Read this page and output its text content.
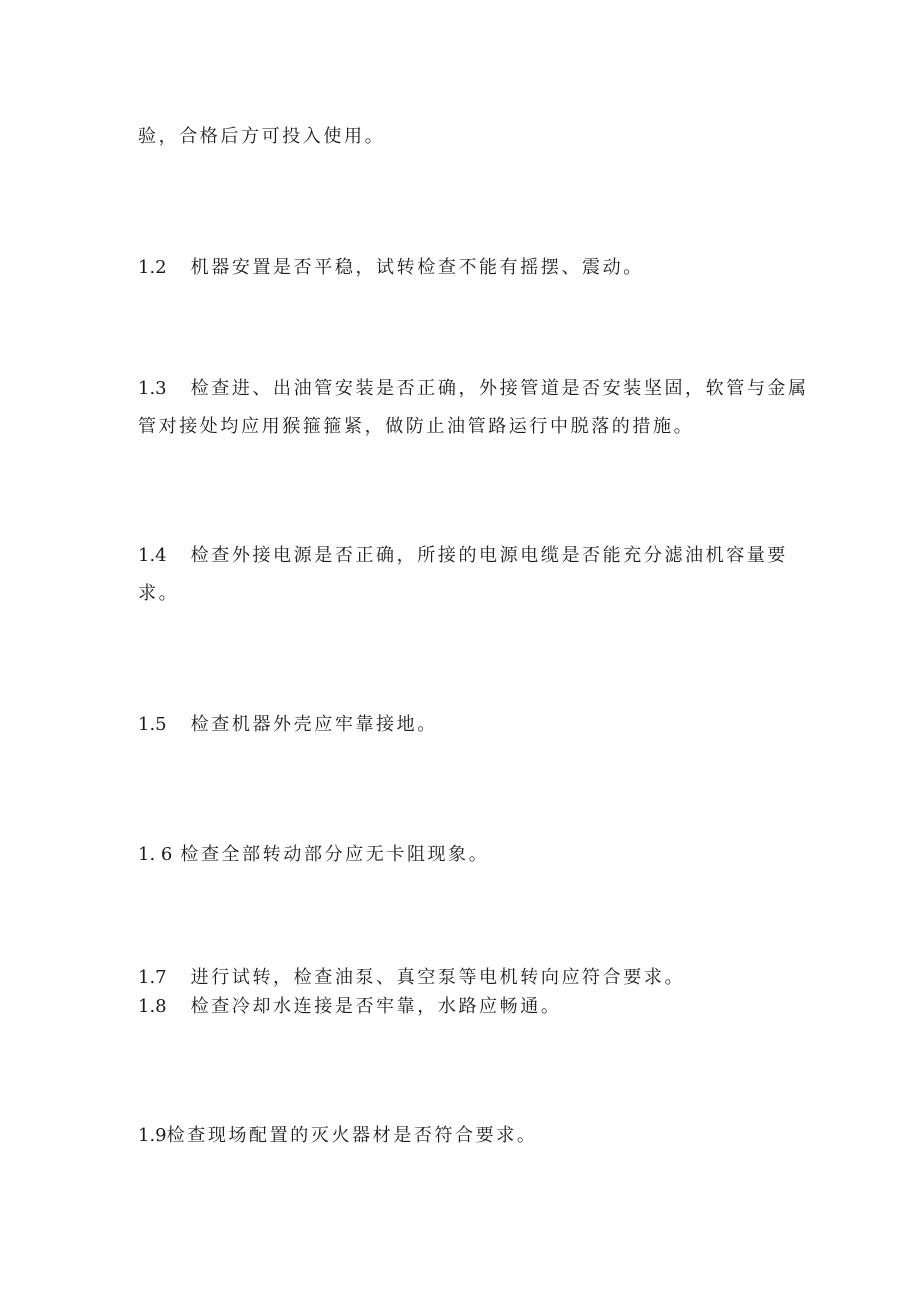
验，合格后方可投入使用。
1.2 机器安置是否平稳，试转检查不能有摇摆、震动。
1.3 检查进、出油管安装是否正确，外接管道是否安装坚固，软管与金属
管对接处均应用猴箍箍紧，做防止油管路运行中脱落的措施。
1.4 检查外接电源是否正确，所接的电源电缆是否能充分滤油机容量要
求。
1.5 检查机器外壳应牢靠接地。
1. 6 检查全部转动部分应无卡阻现象。
1.7 进行试转，检查油泵、真空泵等电机转向应符合要求。
1.8 检查冷却水连接是否牢靠，水路应畅通。
1.9检查现场配置的灭火器材是否符合要求。
